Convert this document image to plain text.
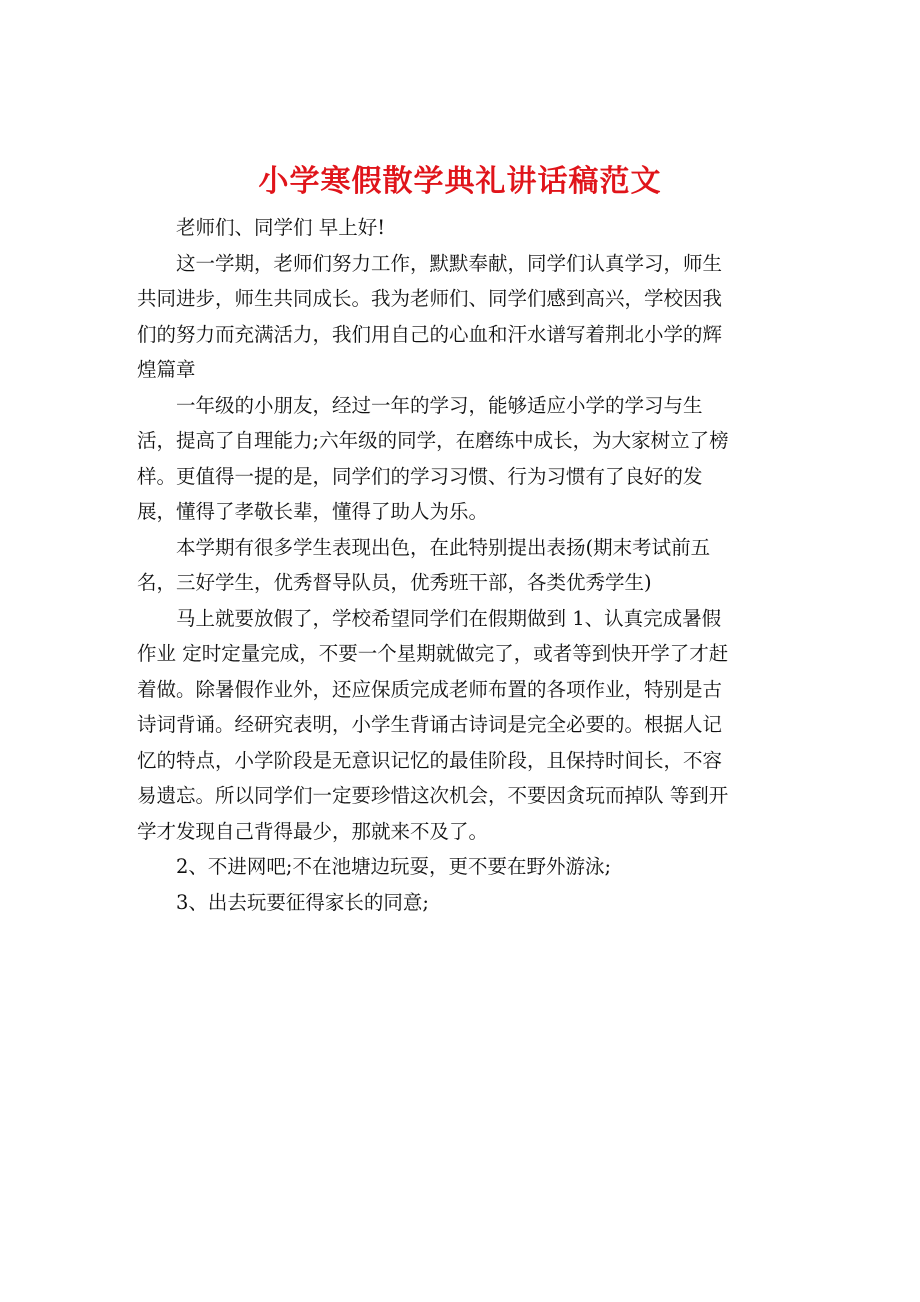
小学寒假散学典礼讲话稿范文
老师们、同学们 早上好!
这一学期，老师们努力工作，默默奉献，同学们认真学习，师生
共同进步，师生共同成长。我为老师们、同学们感到高兴，学校因我
们的努力而充满活力，我们用自己的心血和汗水谱写着荆北小学的辉
煌篇章
一年级的小朋友，经过一年的学习，能够适应小学的学习与生
活，提高了自理能力;六年级的同学，在磨练中成长，为大家树立了榜
样。更值得一提的是，同学们的学习习惯、行为习惯有了良好的发
展，懂得了孝敬长辈，懂得了助人为乐。
本学期有很多学生表现出色，在此特别提出表扬(期末考试前五
名，三好学生，优秀督导队员，优秀班干部，各类优秀学生)
马上就要放假了，学校希望同学们在假期做到 1、认真完成暑假
作业 定时定量完成，不要一个星期就做完了，或者等到快开学了才赶
着做。除暑假作业外，还应保质完成老师布置的各项作业，特别是古
诗词背诵。经研究表明，小学生背诵古诗词是完全必要的。根据人记
忆的特点，小学阶段是无意识记忆的最佳阶段，且保持时间长，不容
易遗忘。所以同学们一定要珍惜这次机会，不要因贪玩而掉队 等到开
学才发现自己背得最少，那就来不及了。
2、不进网吧;不在池塘边玩耍，更不要在野外游泳;
3、出去玩要征得家长的同意;
